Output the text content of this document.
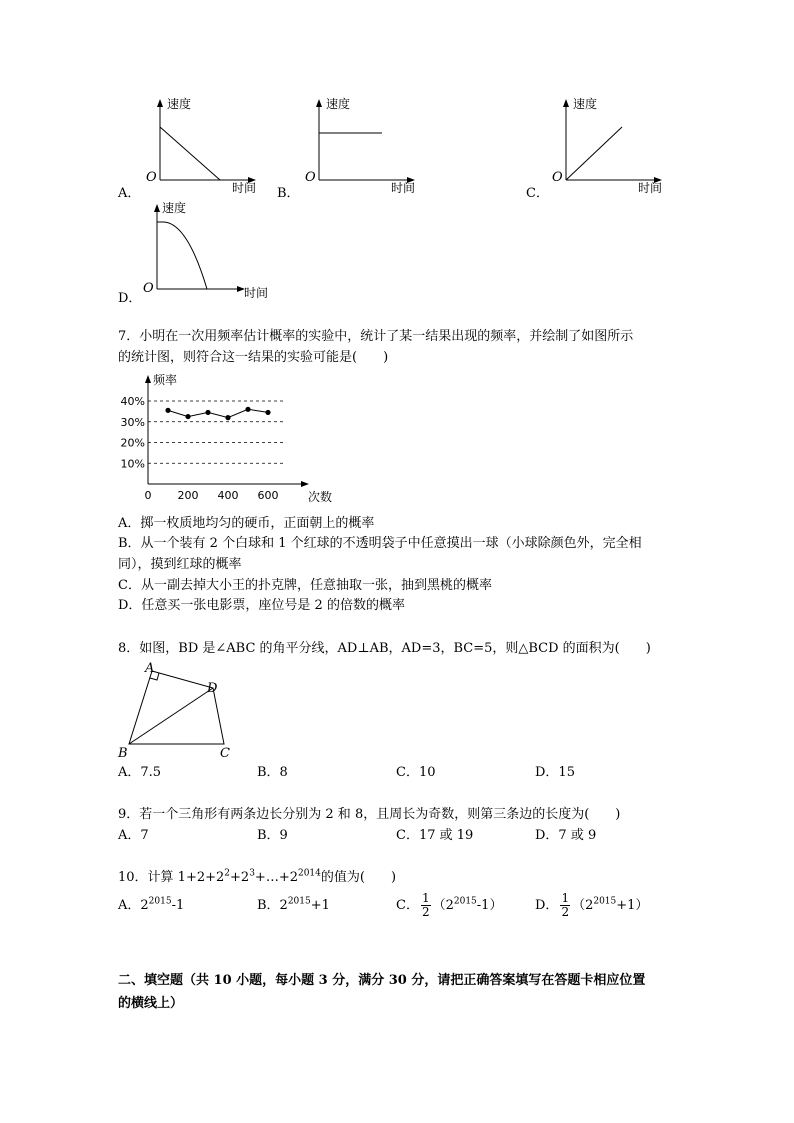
A．
O
速度
时间 B．
O
速度
时间	C．
O
速度
时间
D．
O
速度
时间
7．小明在一次用频率估计概率的实验中，统计了某一结果出现的频率，并绘制了如图所示
的统计图，则符合这一结果的实验可能是(　　)
10%
20%
30%
40%
0 200 400 600
频率
次数
A．掷一枚质地均匀的硬币，正面朝上的概率
B．从一个装有 2 个白球和 1 个红球的不透明袋子中任意摸出一球（小球除颜色外，完全相
同），摸到红球的概率
C．从一副去掉大小王的扑克牌，任意抽取一张，抽到黑桃的概率
D．任意买一张电影票，座位号是 2 的倍数的概率
8．如图，BD 是∠ABC 的角平分线，AD⊥AB，AD=3，BC=5，则△BCD 的面积为(　　)
A
B	C
D
A．7.5	B．8	C．10	D．15
9．若一个三角形有两条边长分别为 2 和 8，且周长为奇数，则第三条边的长度为(　　)
A．7	B．9	C．17 或 19	D．7 或 9
10．计算 $1+2+2^2+2^3+\dots+2^{2014}$的值为(　　)
A．$2^{2015}-1$	B．$2^{2015}+1$	C． $\frac{1}{2} (2^{2015}-1)$	D． $\frac{1}{2} (2^{2015}+1)$
二、填空题（共 10 小题，每小题 3 分，满分 30 分，请把正确答案填写在答题卡相应位置
的横线上）
